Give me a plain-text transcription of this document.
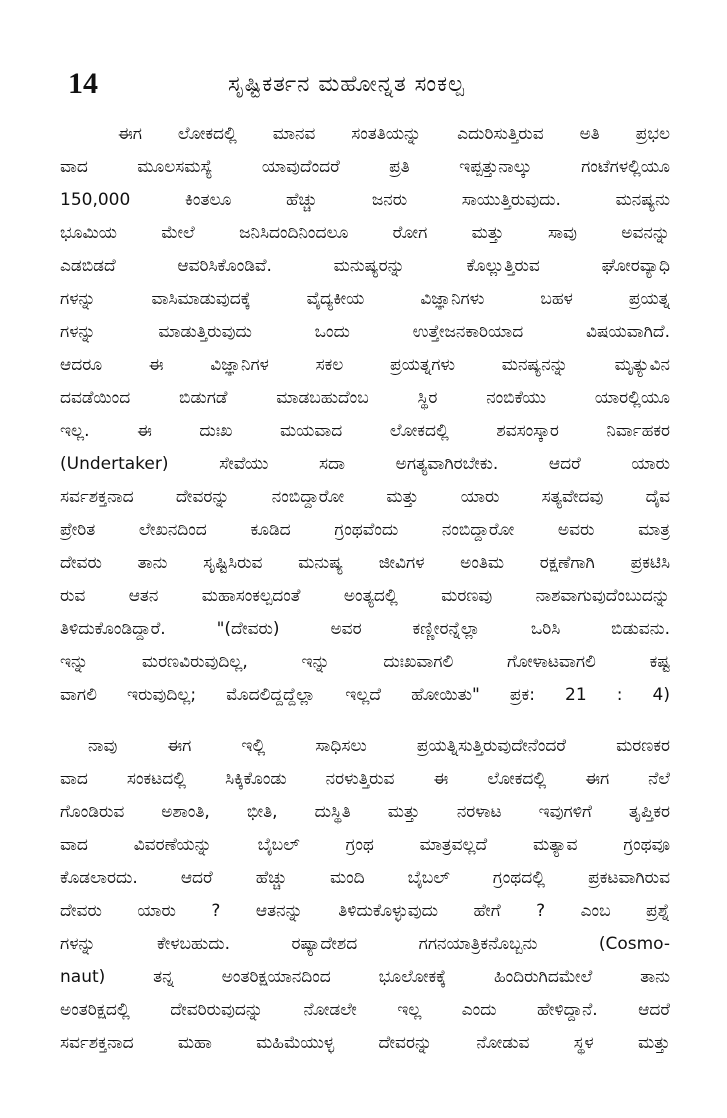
14	ಸೃಷ್ಟಿಕರ್ತನ ಮಹೋನ್ನತ ಸಂಕಲ್ಪ
ಈಗ ಲೋಕದಲ್ಲಿ ಮಾನವ ಸಂತತಿಯನ್ನು ಎದುರಿಸುತ್ತಿರುವ ಅತಿ ಪ್ರಭಲ
ವಾದ ಮೂಲಸಮಸ್ಯೆ ಯಾವುದೆಂದರೆ ಪ್ರತಿ ಇಪ್ಪತ್ತುನಾಲ್ಕು ಗಂಟೆಗಳಲ್ಲಿಯೂ
150,000 ಕಿಂತಲೂ ಹೆಚ್ಚು ಜನರು ಸಾಯುತ್ತಿರುವುದು. ಮನಷ್ಯನು
ಭೂಮಿಯ ಮೇಲೆ ಜನಿಸಿದಂದಿನಿಂದಲೂ ರೋಗ ಮತ್ತು ಸಾವು ಅವನನ್ನು
ಎಡಬಿಡದೆ ಆವರಿಸಿಕೊಂಡಿವೆ. ಮನುಷ್ಯರನ್ನು ಕೊಲ್ಲುತ್ತಿರುವ ಘೋರವ್ಯಾಧಿ
ಗಳನ್ನು ವಾಸಿಮಾಡುವುದಕ್ಕೆ ವೈದ್ಯಕೀಯ ವಿಜ್ಞಾನಿಗಳು ಬಹಳ ಪ್ರಯತ್ನ
ಗಳನ್ನು ಮಾಡುತ್ತಿರುವುದು ಒಂದು ಉತ್ತೇಜನಕಾರಿಯಾದ ವಿಷಯವಾಗಿದೆ.
ಆದರೂ ಈ ವಿಜ್ಞಾನಿಗಳ ಸಕಲ ಪ್ರಯತ್ನಗಳು ಮನಷ್ಯನನ್ನು ಮೃತ್ಯುವಿನ
ದವಡೆಯಿಂದ ಬಿಡುಗಡೆ ಮಾಡಬಹುದೆಂಬ ಸ್ಥಿರ ನಂಬಿಕೆಯು ಯಾರಲ್ಲಿಯೂ
ಇಲ್ಲ. ಈ ದುಃಖ ಮಯವಾದ ಲೋಕದಲ್ಲಿ ಶವಸಂಸ್ಕಾರ ನಿರ್ವಾಹಕರ
(Undertaker) ಸೇವೆಯು ಸದಾ ಅಗತ್ಯವಾಗಿರಬೇಕು. ಆದರೆ ಯಾರು
ಸರ್ವಶಕ್ತನಾದ ದೇವರನ್ನು ನಂಬಿದ್ದಾರೋ ಮತ್ತು ಯಾರು ಸತ್ಯವೇದವು ದೈವ
ಪ್ರೇರಿತ ಲೇಖನದಿಂದ ಕೂಡಿದ ಗ್ರಂಥವೆಂದು ನಂಬಿದ್ದಾರೋ ಅವರು ಮಾತ್ರ
ದೇವರು ತಾನು ಸೃಷ್ಟಿಸಿರುವ ಮನುಷ್ಯ ಜೀವಿಗಳ ಅಂತಿಮ ರಕ್ಷಣೆಗಾಗಿ ಪ್ರಕಟಿಸಿ
ರುವ ಆತನ ಮಹಾಸಂಕಲ್ಪದಂತೆ ಅಂತ್ಯದಲ್ಲಿ ಮರಣವು ನಾಶವಾಗುವುದೆಂಬುದನ್ನು
ತಿಳಿದುಕೊಂಡಿದ್ದಾರೆ. "(ದೇವರು) ಅವರ ಕಣ್ಣೀರನ್ನೆಲ್ಲಾ ಒರಿಸಿ ಬಿಡುವನು.
ಇನ್ನು ಮರಣವಿರುವುದಿಲ್ಲ, ಇನ್ನು ದುಃಖವಾಗಲಿ ಗೋಳಾಟವಾಗಲಿ ಕಷ್ಟ
ವಾಗಲಿ ಇರುವುದಿಲ್ಲ; ಮೊದಲಿದ್ದದ್ದೆಲ್ಲಾ ಇಲ್ಲದೆ ಹೋಯಿತು" ಪ್ರಕ: 21 : 4)
ನಾವು ಈಗ ಇಲ್ಲಿ ಸಾಧಿಸಲು ಪ್ರಯತ್ನಿಸುತ್ತಿರುವುದೇನೆಂದರೆ ಮರಣಕರ
ವಾದ ಸಂಕಟದಲ್ಲಿ ಸಿಕ್ಕಿಕೊಂಡು ನರಳುತ್ತಿರುವ ಈ ಲೋಕದಲ್ಲಿ ಈಗ ನೆಲೆ
ಗೊಂಡಿರುವ ಅಶಾಂತಿ, ಭೀತಿ, ದುಸ್ಥಿತಿ ಮತ್ತು ನರಳಾಟ ಇವುಗಳಿಗೆ ತೃಪ್ತಿಕರ
ವಾದ ವಿವರಣೆಯನ್ನು ಬೈಬಲ್ ಗ್ರಂಥ ಮಾತ್ರವಲ್ಲದೆ ಮತ್ಯಾವ ಗ್ರಂಥವೂ
ಕೊಡಲಾರದು. ಆದರೆ ಹೆಚ್ಚು ಮಂದಿ ಬೈಬಲ್ ಗ್ರಂಥದಲ್ಲಿ ಪ್ರಕಟವಾಗಿರುವ
ದೇವರು ಯಾರು ? ಆತನನ್ನು ತಿಳಿದುಕೊಳ್ಳುವುದು ಹೇಗೆ ? ಎಂಬ ಪ್ರಶ್ನೆ
ಗಳನ್ನು ಕೇಳಬಹುದು. ರಷ್ಯಾದೇಶದ ಗಗನಯಾತ್ರಿಕನೊಬ್ಬನು (Cosmo-
naut) ತನ್ನ ಅಂತರಿಕ್ಷಯಾನದಿಂದ ಭೂಲೋಕಕ್ಕೆ ಹಿಂದಿರುಗಿದಮೇಲೆ ತಾನು
ಅಂತರಿಕ್ಷದಲ್ಲಿ ದೇವರಿರುವುದನ್ನು ನೋಡಲೇ ಇಲ್ಲ ಎಂದು ಹೇಳಿದ್ದಾನೆ. ಆದರೆ
ಸರ್ವಶಕ್ತನಾದ ಮಹಾ ಮಹಿಮೆಯುಳ್ಳ ದೇವರನ್ನು ನೋಡುವ ಸ್ಥಳ ಮತ್ತು
